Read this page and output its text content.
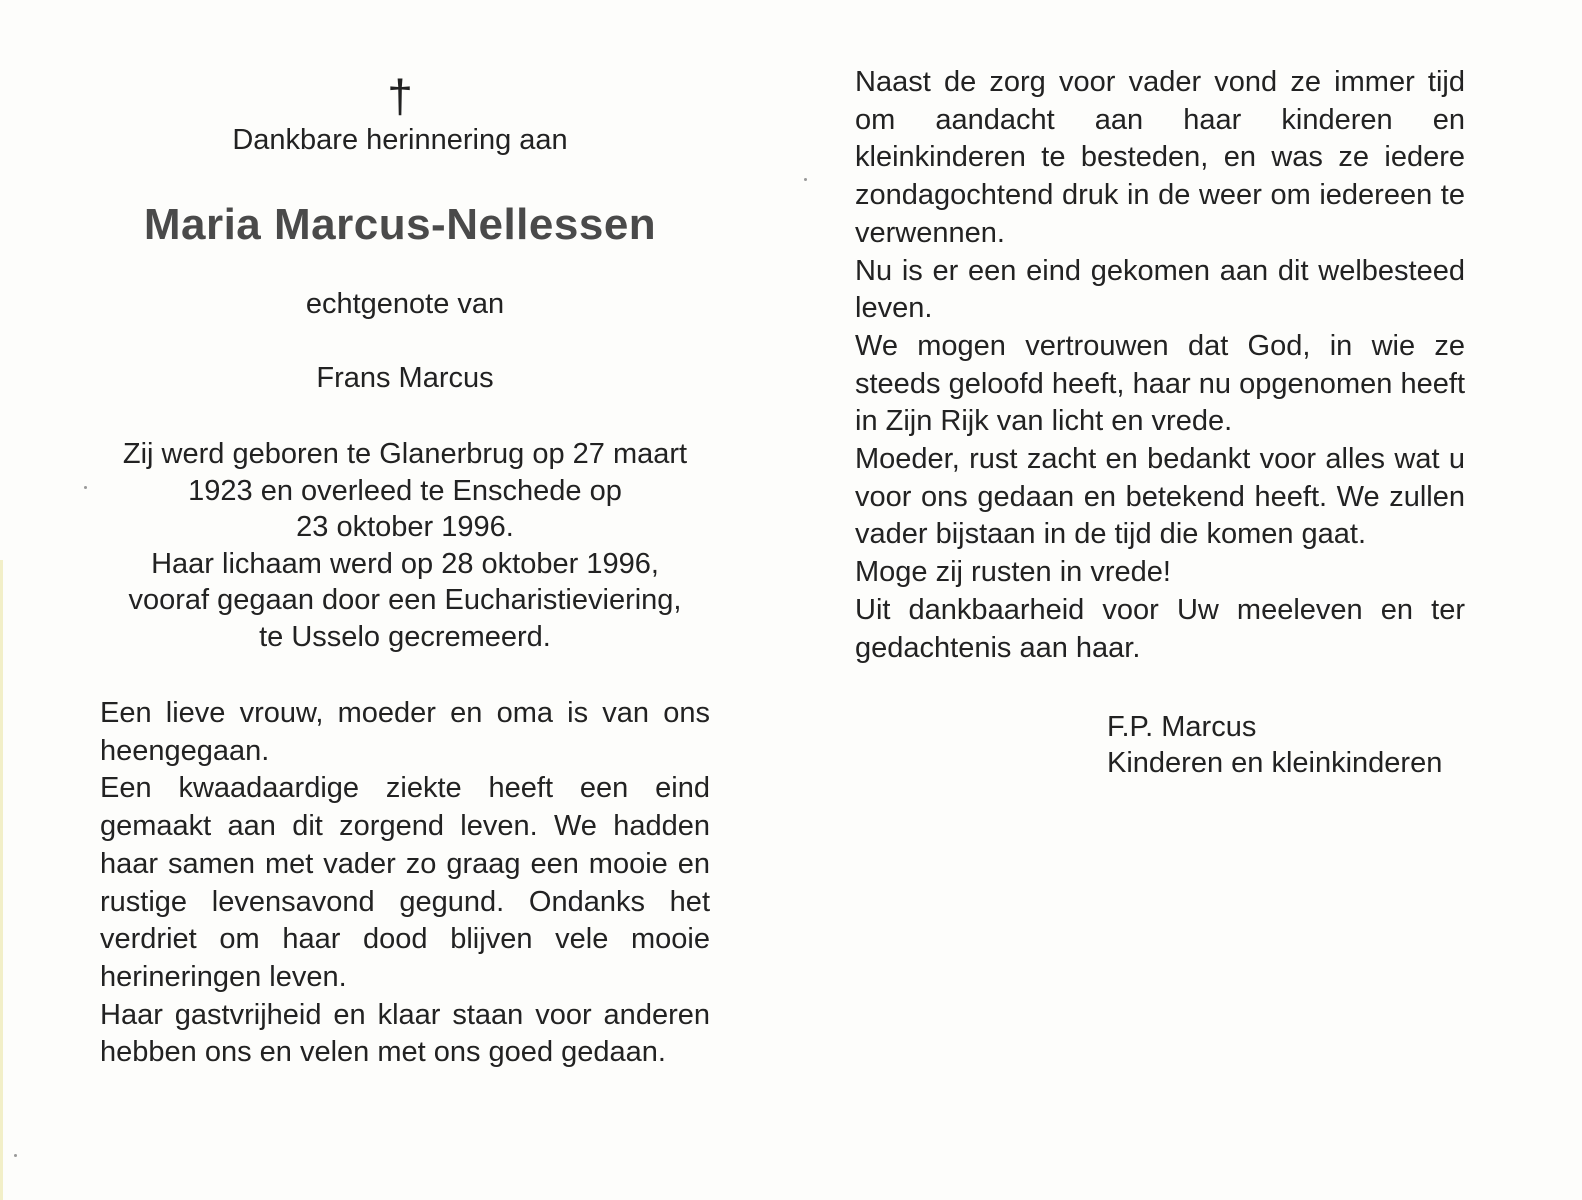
†
Dankbare herinnering aan
Maria Marcus-Nellessen
echtgenote van
Frans Marcus

Zij werd geboren te Glanerbrug op 27 maart

1923 en overleed te Enschede op

23 oktober 1996.

Haar lichaam werd op 28 oktober 1996,

vooraf gegaan door een Eucharistieviering,

te Usselo gecremeerd.

Een lieve vrouw, moeder en oma is van ons heengegaan.

Een kwaadaardige ziekte heeft een eind gemaakt aan dit zorgend leven. We hadden haar samen met vader zo graag een mooie en rustige levensavond gegund. Ondanks het verdriet om haar dood blijven vele mooie herineringen leven.

Haar gastvrijheid en klaar staan voor anderen hebben ons en velen met ons goed gedaan.

Naast de zorg voor vader vond ze immer tijd om aandacht aan haar kinderen en kleinkinderen te besteden, en was ze iedere zondagochtend druk in de weer om iedereen te verwennen.

Nu is er een eind gekomen aan dit welbesteed leven.

We mogen vertrouwen dat God, in wie ze steeds geloofd heeft, haar nu opgenomen heeft in Zijn Rijk van licht en vrede.

Moeder, rust zacht en bedankt voor alles wat u voor ons gedaan en betekend heeft. We zullen vader bijstaan in de tijd die komen gaat.

Moge zij rusten in vrede!

Uit dankbaarheid voor Uw meeleven en ter gedachtenis aan haar.

F.P. Marcus
Kinderen en kleinkinderen
